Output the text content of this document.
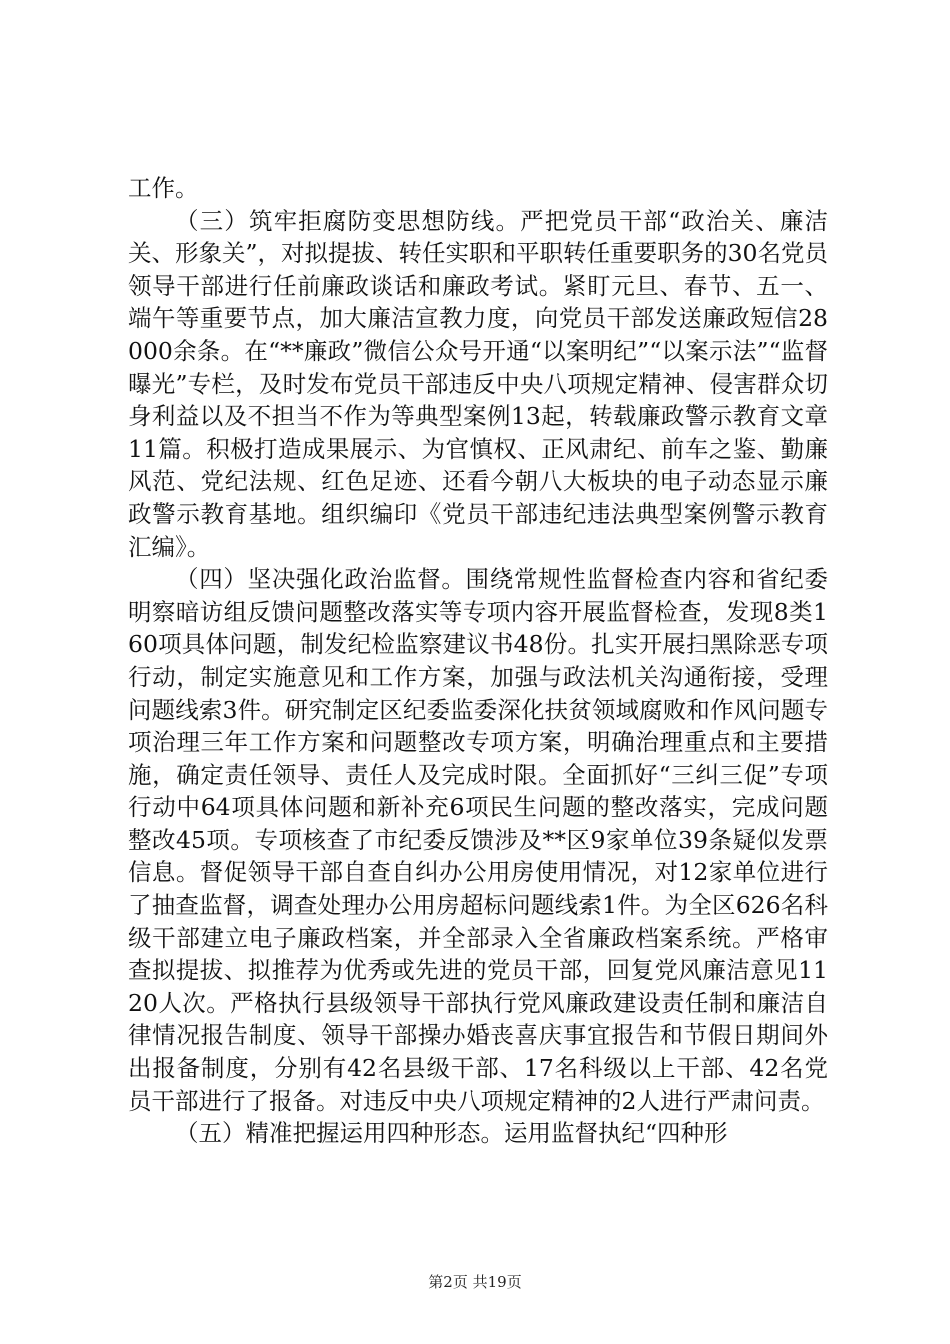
工作。

（三）筑牢拒腐防变思想防线。严把党员干部“政治关、廉洁关、形象关”，对拟提拔、转任实职和平职转任重要职务的30名党员领导干部进行任前廉政谈话和廉政考试。紧盯元旦、春节、五一、端午等重要节点，加大廉洁宣教力度，向党员干部发送廉政短信28000余条。在“**廉政”微信公众号开通“以案明纪”“以案示法”“监督曝光”专栏，及时发布党员干部违反中央八项规定精神、侵害群众切身利益以及不担当不作为等典型案例13起，转载廉政警示教育文章11篇。积极打造成果展示、为官慎权、正风肃纪、前车之鉴、勤廉风范、党纪法规、红色足迹、还看今朝八大板块的电子动态显示廉政警示教育基地。组织编印《党员干部违纪违法典型案例警示教育汇编》。

（四）坚决强化政治监督。围绕常规性监督检查内容和省纪委明察暗访组反馈问题整改落实等专项内容开展监督检查，发现8类160项具体问题，制发纪检监察建议书48份。扎实开展扫黑除恶专项行动，制定实施意见和工作方案，加强与政法机关沟通衔接，受理问题线索3件。研究制定区纪委监委深化扶贫领域腐败和作风问题专项治理三年工作方案和问题整改专项方案，明确治理重点和主要措施，确定责任领导、责任人及完成时限。全面抓好“三纠三促”专项行动中64项具体问题和新补充6项民生问题的整改落实，完成问题整改45项。专项核查了市纪委反馈涉及**区9家单位39条疑似发票信息。督促领导干部自查自纠办公用房使用情况，对12家单位进行了抽查监督，调查处理办公用房超标问题线索1件。为全区626名科级干部建立电子廉政档案，并全部录入全省廉政档案系统。严格审查拟提拔、拟推荐为优秀或先进的党员干部，回复党风廉洁意见1120人次。严格执行县级领导干部执行党风廉政建设责任制和廉洁自律情况报告制度、领导干部操办婚丧喜庆事宜报告和节假日期间外出报备制度，分别有42名县级干部、17名科级以上干部、42名党员干部进行了报备。对违反中央八项规定精神的2人进行严肃问责。

（五）精准把握运用四种形态。运用监督执纪“四种形

第2页 共19页
